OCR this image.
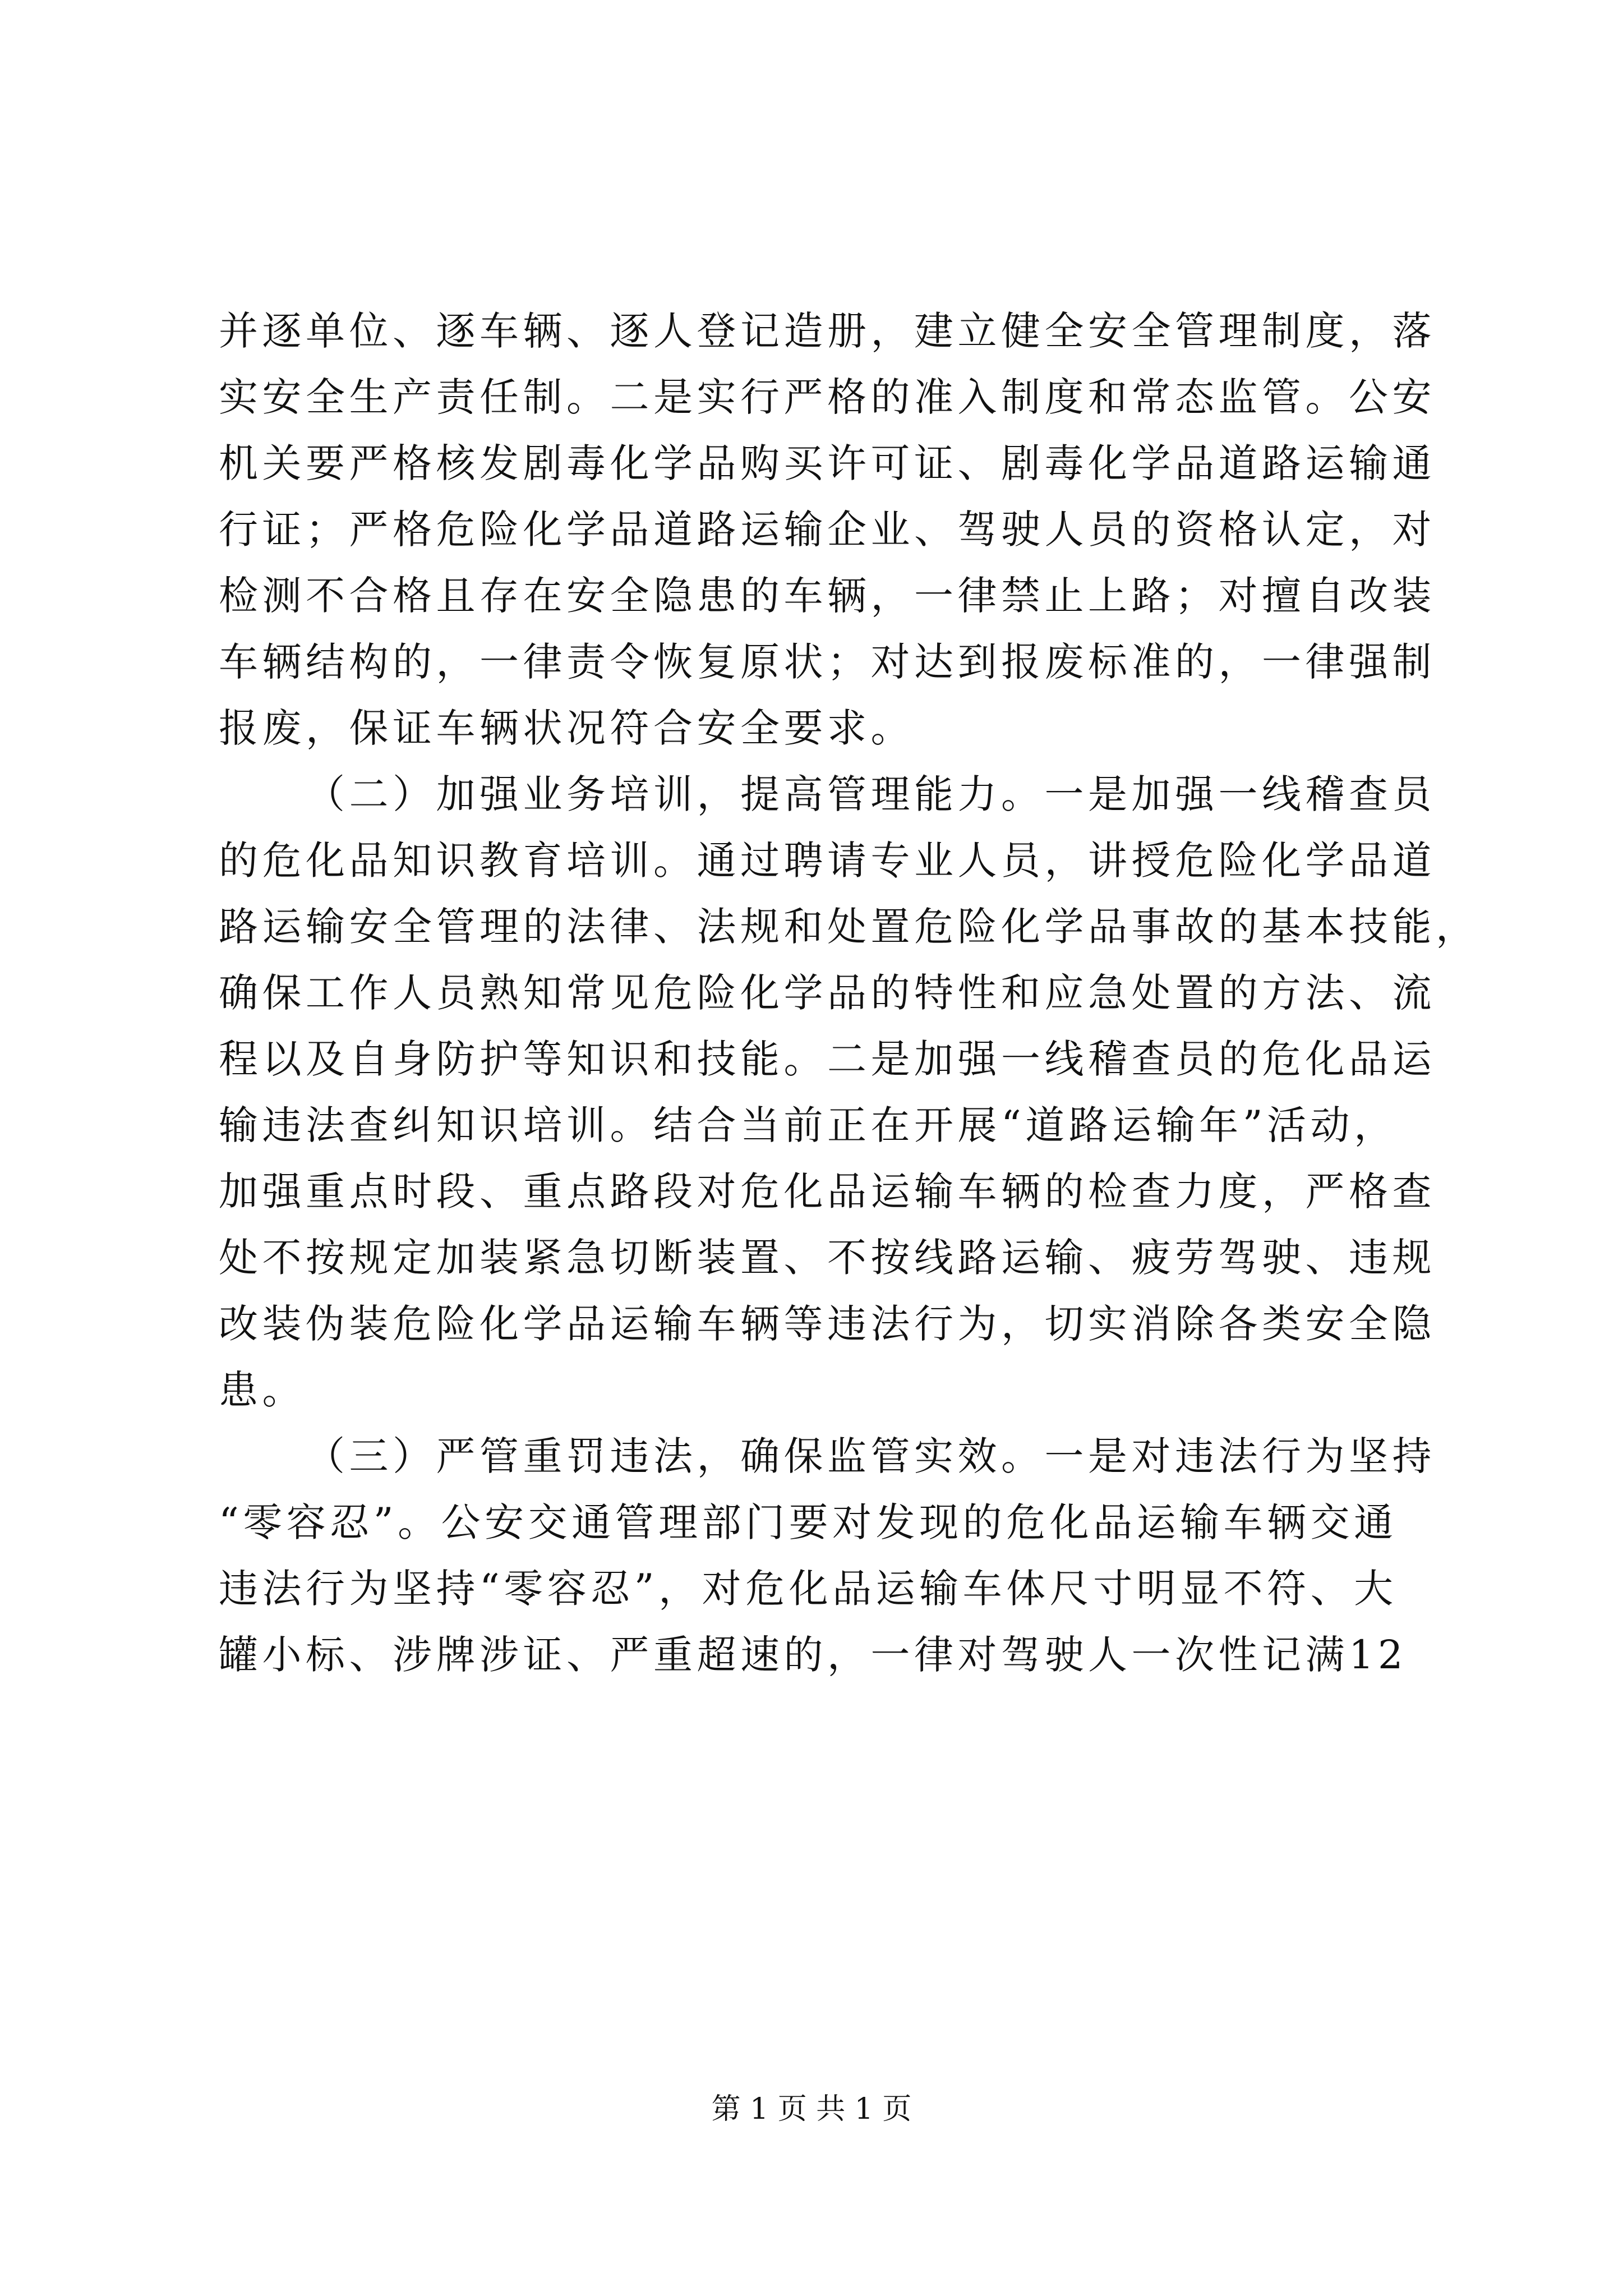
并逐单位、逐车辆、逐人登记造册，建立健全安全管理制度，落
实安全生产责任制。二是实行严格的准入制度和常态监管。公安
机关要严格核发剧毒化学品购买许可证、剧毒化学品道路运输通
行证；严格危险化学品道路运输企业、驾驶人员的资格认定，对
检测不合格且存在安全隐患的车辆，一律禁止上路；对擅自改装
车辆结构的，一律责令恢复原状；对达到报废标准的，一律强制
报废，保证车辆状况符合安全要求。
（二）加强业务培训，提高管理能力。一是加强一线稽查员
的危化品知识教育培训。通过聘请专业人员，讲授危险化学品道
路运输安全管理的法律、法规和处置危险化学品事故的基本技能，
确保工作人员熟知常见危险化学品的特性和应急处置的方法、流
程以及自身防护等知识和技能。二是加强一线稽查员的危化品运
输违法查纠知识培训。结合当前正在开展“道路运输年”活动，
加强重点时段、重点路段对危化品运输车辆的检查力度，严格查
处不按规定加装紧急切断装置、不按线路运输、疲劳驾驶、违规
改装伪装危险化学品运输车辆等违法行为，切实消除各类安全隐
患。
（三）严管重罚违法，确保监管实效。一是对违法行为坚持
“零容忍”。公安交通管理部门要对发现的危化品运输车辆交通
违法行为坚持“零容忍”，对危化品运输车体尺寸明显不符、大
罐小标、涉牌涉证、严重超速的，一律对驾驶人一次性记满12
第 1 页 共 1 页
